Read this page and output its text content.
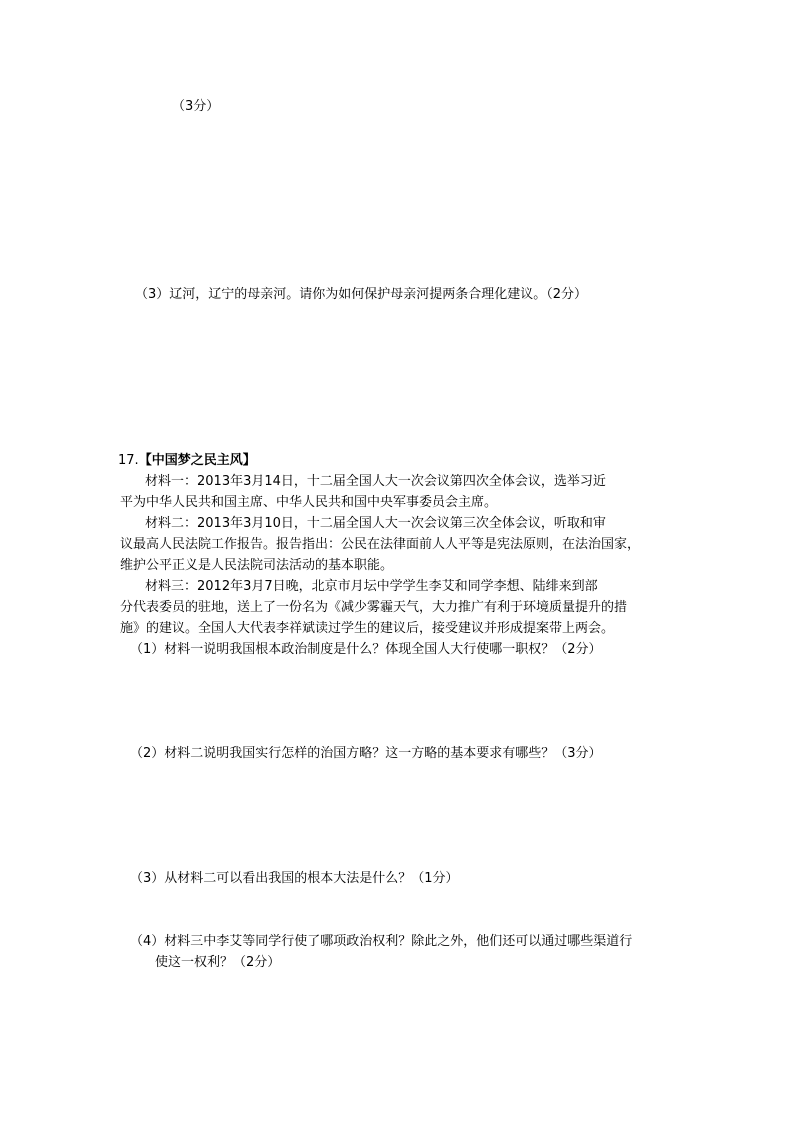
（3分）
（3）辽河，辽宁的母亲河。请你为如何保护母亲河提两条合理化建议。（2分）
17.【中国梦之民主风】
材料一：2013年3月14日，十二届全国人大一次会议第四次全体会议，选举习近
平为中华人民共和国主席、中华人民共和国中央军事委员会主席。
材料二：2013年3月10日，十二届全国人大一次会议第三次全体会议，听取和审
议最高人民法院工作报告。报告指出：公民在法律面前人人平等是宪法原则，在法治国家，
维护公平正义是人民法院司法活动的基本职能。
材料三：2012年3月7日晚，北京市月坛中学学生李艾和同学李想、陆绯来到部
分代表委员的驻地，送上了一份名为《减少雾霾天气，大力推广有利于环境质量提升的措
施》的建议。全国人大代表李祥斌读过学生的建议后，接受建议并形成提案带上两会。
（1）材料一说明我国根本政治制度是什么？体现全国人大行使哪一职权？（2分）
（2）材料二说明我国实行怎样的治国方略？这一方略的基本要求有哪些？（3分）
（3）从材料二可以看出我国的根本大法是什么？（1分）
（4）材料三中李艾等同学行使了哪项政治权利？除此之外，他们还可以通过哪些渠道行
使这一权利？（2分）
